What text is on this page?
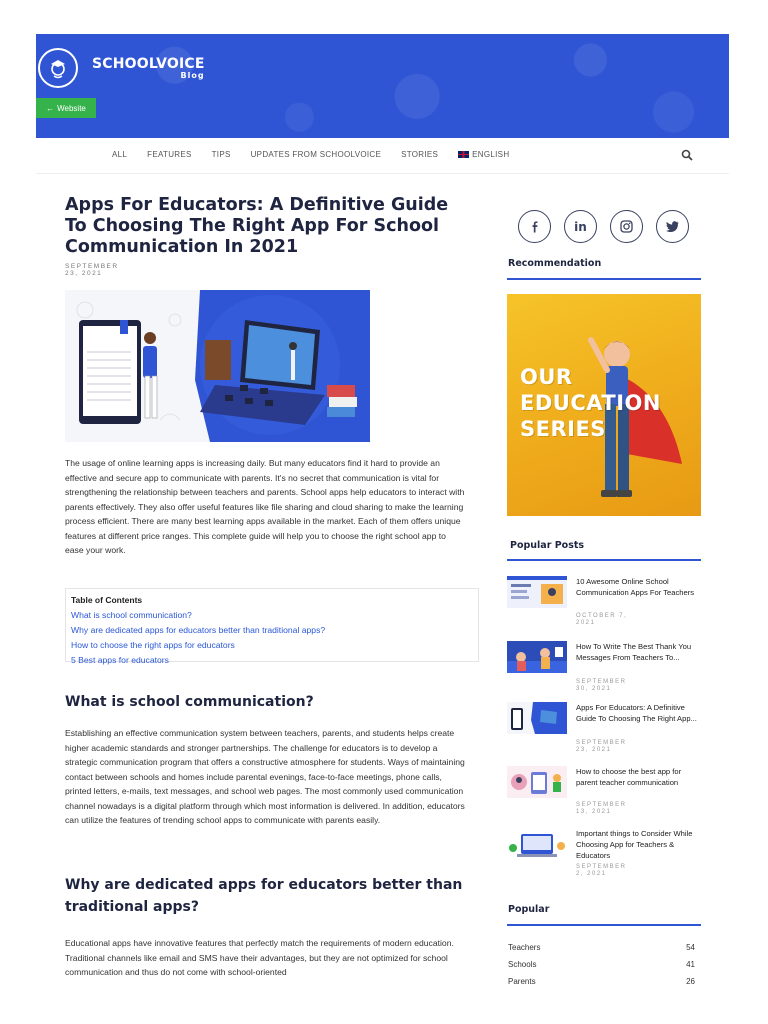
SCHOOLVOICE
Blog
← Website
ALL	FEATURES	TIPS	UPDATES FROM SCHOOLVOICE	STORIES	ENGLISH
Apps For Educators: A Definitive Guide To Choosing The Right App For School Communication In 2021
SEPTEMBER 23, 2021

The usage of online learning apps is increasing daily. But many educators find it hard to provide an effective and secure app to communicate with parents. It's no secret that communication is vital for strengthening the relationship between teachers and parents. School apps help educators to interact with parents effectively. They also offer useful features like file sharing and cloud sharing to make the learning process efficient. There are many best learning apps available in the market. Each of them offers unique features at different price ranges. This complete guide will help you to choose the right school app to ease your work.

Table of Contents
What is school communication?
Why are dedicated apps for educators better than traditional apps?
How to choose the right apps for educators
5 Best apps for educators
What is school communication?

Establishing an effective communication system between teachers, parents, and students helps create higher academic standards and stronger partnerships. The challenge for educators is to develop a strategic communication program that offers a constructive atmosphere for students. Ways of maintaining contact between schools and homes include parental evenings, face-to-face meetings, phone calls, printed letters, e-mails, text messages, and school web pages. The most commonly used communication channel nowadays is a digital platform through which most information is delivered. In addition, educators can utilize the features of trending school apps to communicate with parents easily.

Why are dedicated apps for educators better than traditional apps?

Educational apps have innovative features that perfectly match the requirements of modern education. Traditional channels like email and SMS have their advantages, but they are not optimized for school communication and thus do not come with school-oriented

in
Recommendation
OUR EDUCATION SERIES
Popular Posts
10 Awesome Online School Communication Apps For Teachers
OCTOBER 7, 2021
How To Write The Best Thank You Messages From Teachers To...
SEPTEMBER 30, 2021
Apps For Educators: A Definitive Guide To Choosing The Right App...
SEPTEMBER 23, 2021
How to choose the best app for parent teacher communication
SEPTEMBER 13, 2021
Important things to Consider While Choosing App for Teachers & Educators
SEPTEMBER 2, 2021
Popular
Teachers	54
Schools	41
Parents	26
